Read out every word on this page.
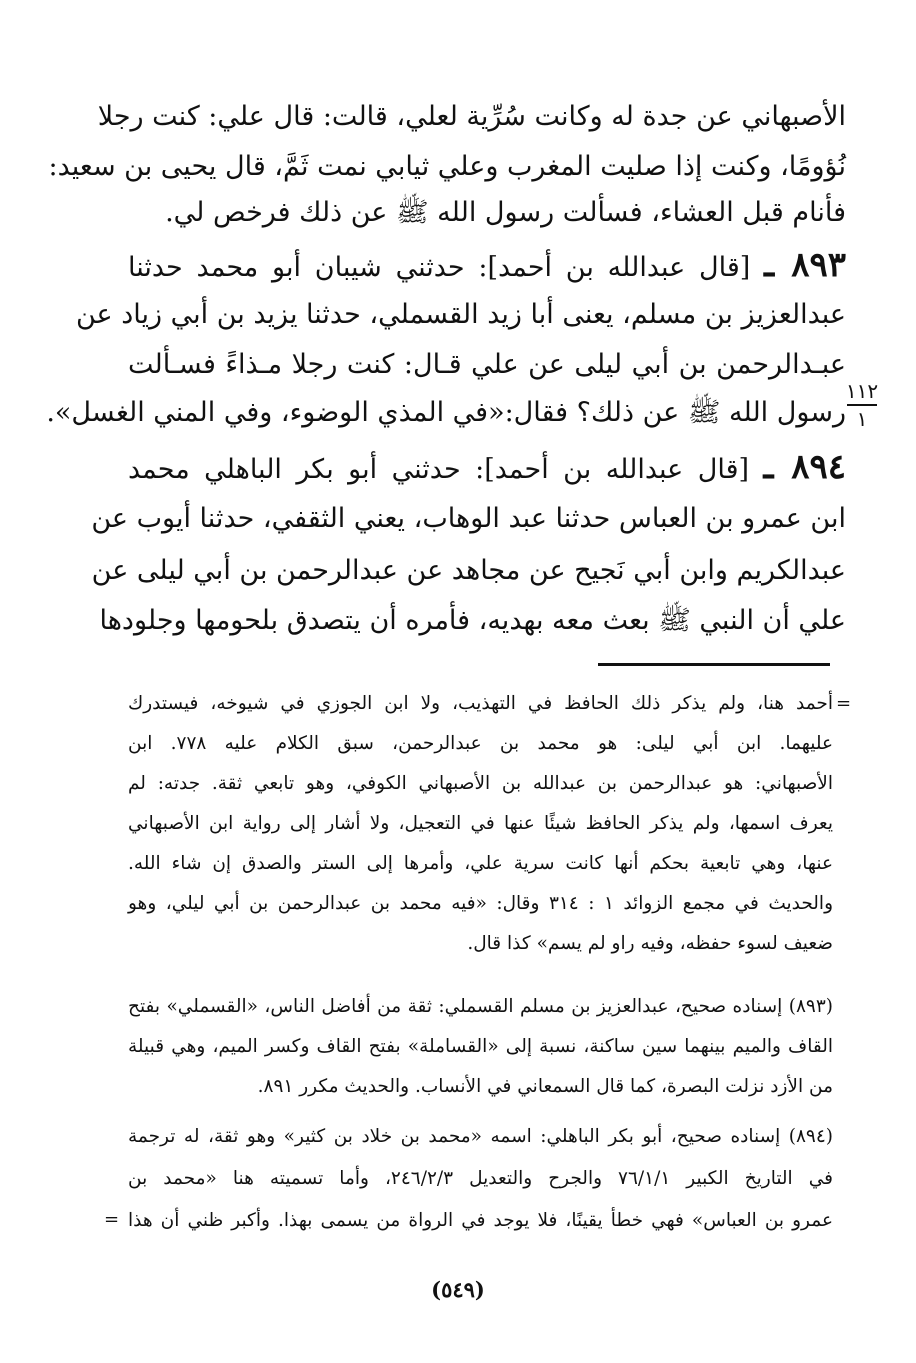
الأصبهاني عن جدة له وكانت سُرِّية لعلي، قالت: قال علي: كنت رجلا
نُؤومًا، وكنت إذا صليت المغرب وعلي ثيابي نمت ثَمَّ، قال يحيى بن سعيد:
فأنام قبل العشاء، فسألت رسول الله ﷺ عن ذلك فرخص لي.
٨٩٣ ـ [قال عبدالله بن أحمد]: حدثني شيبان أبو محمد حدثنا
عبدالعزيز بن مسلم، يعنى أبا زيد القسملي، حدثنا يزيد بن أبي زياد عن
عبـدالرحمن بن أبي ليلى عن علي قـال: كنت رجلا مـذاءً فسـألت
رسول الله ﷺ عن ذلك؟ فقال:«في المذي الوضوء، وفي المني الغسل».
٨٩٤ ـ [قال عبدالله بن أحمد]: حدثني أبو بكر الباهلي محمد
ابن عمرو بن العباس حدثنا عبد الوهاب، يعني الثقفي، حدثنا أيوب عن
عبدالكريم وابن أبي نَجيح عن مجاهد عن عبدالرحمن بن أبي ليلى عن
علي أن النبي ﷺ بعث معه بهديه، فأمره أن يتصدق بلحومها وجلودها
١١٢
١
أحمد هنا، ولم يذكر ذلك الحافظ في التهذيب، ولا ابن الجوزي في شيوخه، فيستدرك
عليهما. ابن أبي ليلى: هو محمد بن عبدالرحمن، سبق الكلام عليه ٧٧٨. ابن
الأصبهاني: هو عبدالرحمن بن عبدالله بن الأصبهاني الكوفي، وهو تابعي ثقة. جدته: لم
يعرف اسمها، ولم يذكر الحافظ شيئًا عنها في التعجيل، ولا أشار إلى رواية ابن الأصبهاني
عنها، وهي تابعية بحكم أنها كانت سرية علي، وأمرها إلى الستر والصدق إن شاء الله.
والحديث في مجمع الزوائد ١ : ٣١٤ وقال: «فيه محمد بن عبدالرحمن بن أبي ليلي، وهو
ضعيف لسوء حفظه، وفيه راو لم يسم» كذا قال.
(٨٩٣) إسناده صحيح، عبدالعزيز بن مسلم القسملي: ثقة من أفاضل الناس، «القسملي» بفتح
القاف والميم بينهما سين ساكنة، نسبة إلى «القساملة» بفتح القاف وكسر الميم، وهي قبيلة
من الأزد نزلت البصرة، كما قال السمعاني في الأنساب. والحديث مكرر ٨٩١.
(٨٩٤) إسناده صحيح، أبو بكر الباهلي: اسمه «محمد بن خلاد بن كثير» وهو ثقة، له ترجمة
في التاريخ الكبير ٧٦/١/١ والجرح والتعديل ٢٤٦/٢/٣، وأما تسميته هنا «محمد بن
عمرو بن العباس» فهي خطأ يقينًا، فلا يوجد في الرواة من يسمى بهذا. وأكبر ظني أن هذا
=
=
(٥٤٩)
